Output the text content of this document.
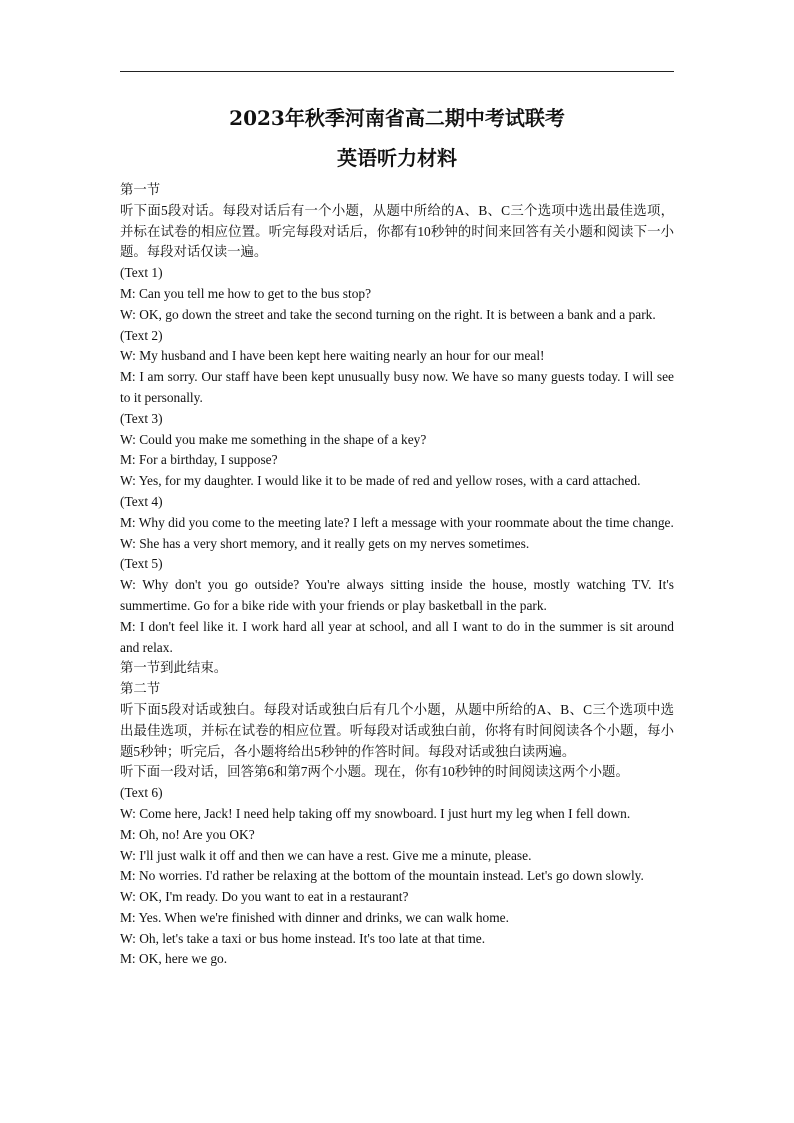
2023年秋季河南省高二期中考试联考
英语听力材料

第一节

听下面5段对话。每段对话后有一个小题，从题中所给的A、B、C三个选项中选出最佳选项，并标在试卷的相应位置。听完每段对话后，你都有10秒钟的时间来回答有关小题和阅读下一小题。每段对话仅读一遍。

(Text 1)

M: Can you tell me how to get to the bus stop?

W: OK, go down the street and take the second turning on the right. It is between a bank and a park.

(Text 2)

W: My husband and I have been kept here waiting nearly an hour for our meal!

M: I am sorry. Our staff have been kept unusually busy now. We have so many guests today. I will see to it personally.

(Text 3)

W: Could you make me something in the shape of a key?

M: For a birthday, I suppose?

W: Yes, for my daughter. I would like it to be made of red and yellow roses, with a card attached.

(Text 4)

M: Why did you come to the meeting late? I left a message with your roommate about the time change.

W: She has a very short memory, and it really gets on my nerves sometimes.

(Text 5)

W: Why don't you go outside? You're always sitting inside the house, mostly watching TV. It's summertime. Go for a bike ride with your friends or play basketball in the park.

M: I don't feel like it. I work hard all year at school, and all I want to do in the summer is sit around and relax.

第一节到此结束。

第二节

听下面5段对话或独白。每段对话或独白后有几个小题，从题中所给的A、B、C三个选项中选出最佳选项，并标在试卷的相应位置。听每段对话或独白前，你将有时间阅读各个小题，每小题5秒钟；听完后，各小题将给出5秒钟的作答时间。每段对话或独白读两遍。

听下面一段对话，回答第6和第7两个小题。现在，你有10秒钟的时间阅读这两个小题。

(Text 6)

W: Come here, Jack! I need help taking off my snowboard. I just hurt my leg when I fell down.

M: Oh, no! Are you OK?

W: I'll just walk it off and then we can have a rest. Give me a minute, please.

M: No worries. I'd rather be relaxing at the bottom of the mountain instead. Let's go down slowly.

W: OK, I'm ready. Do you want to eat in a restaurant?

M: Yes. When we're finished with dinner and drinks, we can walk home.

W: Oh, let's take a taxi or bus home instead. It's too late at that time.

M: OK, here we go.
